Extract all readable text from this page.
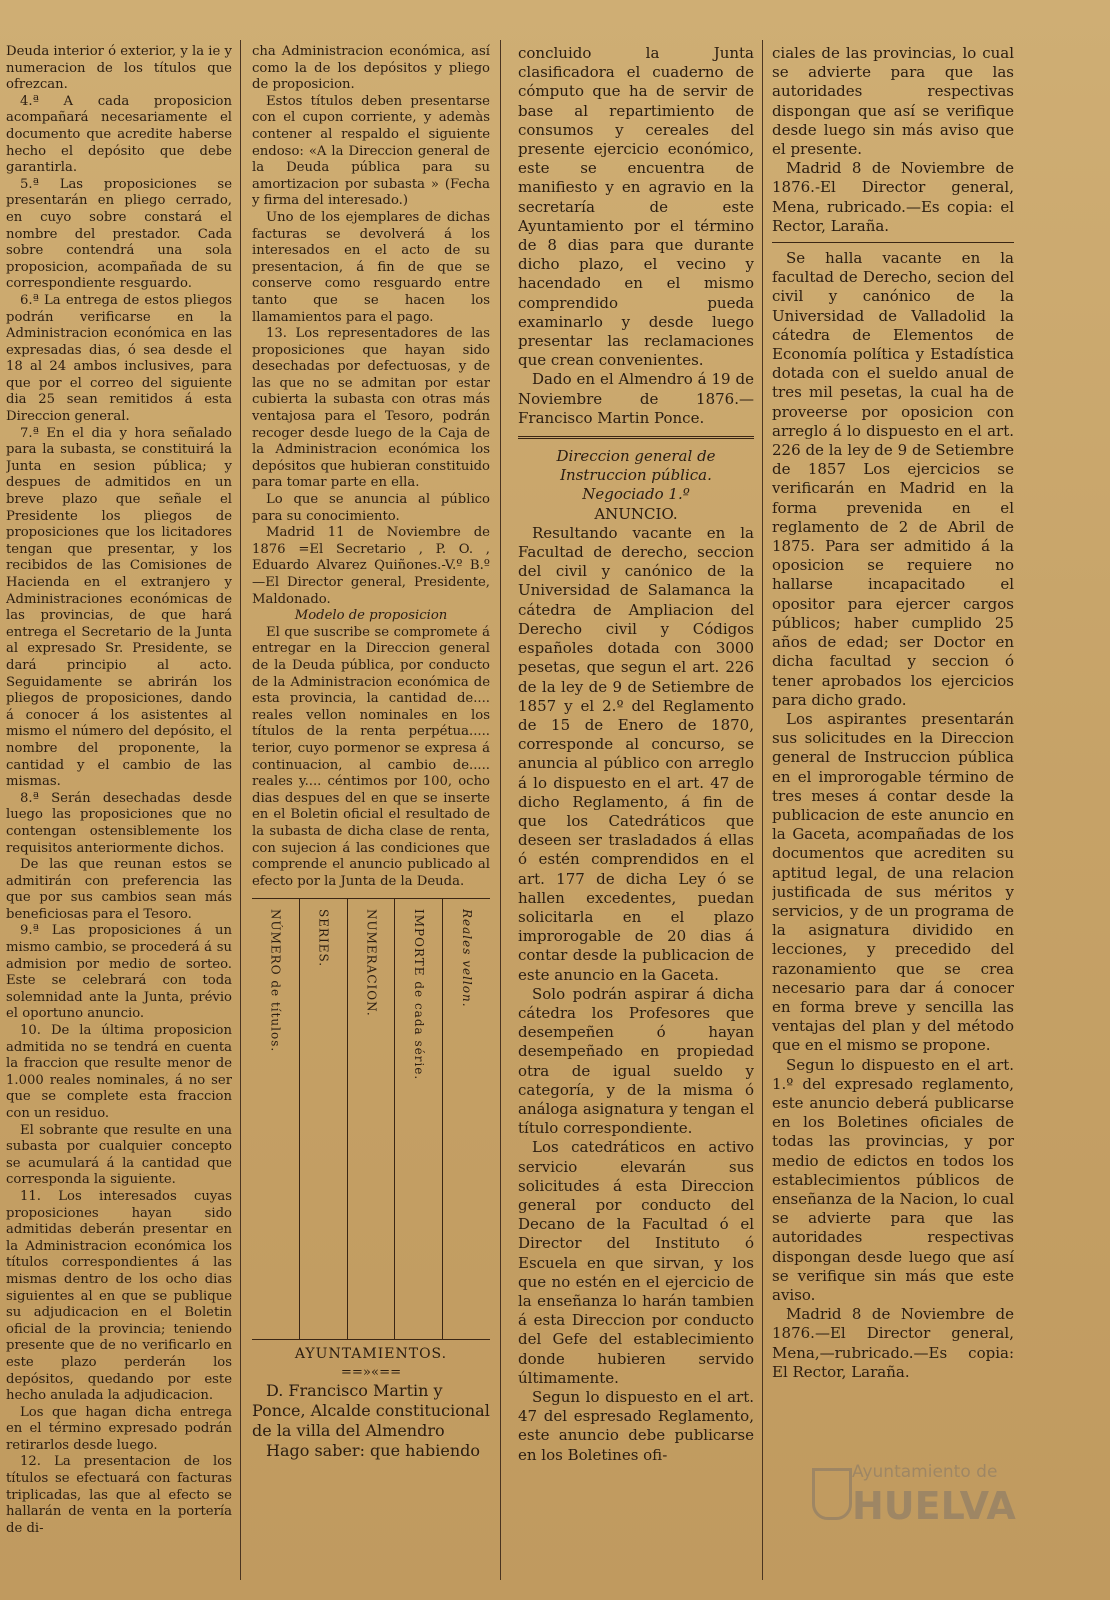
Deuda interior ó exterior, y la ie y numeracion de los títulos que ofrezcan.

4.ª A cada proposicion acompañará necesariamente el documento que acredite haberse hecho el depósito que debe garantirla.

5.ª Las proposiciones se presentarán en pliego cerrado, en cuyo sobre constará el nombre del prestador. Cada sobre contendrá una sola proposicion, acompañada de su correspondiente resguardo.

6.ª La entrega de estos pliegos podrán verificarse en la Administracion económica en las expresadas dias, ó sea desde el 18 al 24 ambos inclusives, para que por el correo del siguiente dia 25 sean remitidos á esta Direccion general.

7.ª En el dia y hora señalado para la subasta, se constituirá la Junta en sesion pública; y despues de admitidos en un breve plazo que señale el Presidente los pliegos de proposiciones que los licitadores tengan que presentar, y los recibidos de las Comisiones de Hacienda en el extranjero y Administraciones económicas de las provincias, de que hará entrega el Secretario de la Junta al expresado Sr. Presidente, se dará principio al acto. Seguidamente se abrirán los pliegos de proposiciones, dando á conocer á los asistentes al mismo el número del depósito, el nombre del proponente, la cantidad y el cambio de las mismas.

8.ª Serán desechadas desde luego las proposiciones que no contengan ostensiblemente los requisitos anteriormente dichos.

De las que reunan estos se admitirán con preferencia las que por sus cambios sean más beneficiosas para el Tesoro.

9.ª Las proposiciones á un mismo cambio, se procederá á su admision por medio de sorteo. Este se celebrará con toda solemnidad ante la Junta, prévio el oportuno anuncio.

10. De la última proposicion admitida no se tendrá en cuenta la fraccion que resulte menor de 1.000 reales nominales, á no ser que se complete esta fraccion con un residuo.

El sobrante que resulte en una subasta por cualquier concepto se acumulará á la cantidad que corresponda la siguiente.

11. Los interesados cuyas proposiciones hayan sido admitidas deberán presentar en la Administracion económica los títulos correspondientes á las mismas dentro de los ocho dias siguientes al en que se publique su adjudicacion en el Boletin oficial de la provincia; teniendo presente que de no verificarlo en este plazo perderán los depósitos, quedando por este hecho anulada la adjudicacion.

Los que hagan dicha entrega en el término expresado podrán retirarlos desde luego.

12. La presentacion de los títulos se efectuará con facturas triplicadas, las que al efecto se hallarán de venta en la portería de di-

cha Administracion económica, así como la de los depósitos y pliego de proposicion.

Estos títulos deben presentarse con el cupon corriente, y ademàs contener al respaldo el siguiente endoso: «A la Direccion general de la Deuda pública para su amortizacion por subasta » (Fecha y firma del interesado.)

Uno de los ejemplares de dichas facturas se devolverá á los interesados en el acto de su presentacion, á fin de que se conserve como resguardo entre tanto que se hacen los llamamientos para el pago.

13. Los representadores de las proposiciones que hayan sido desechadas por defectuosas, y de las que no se admitan por estar cubierta la subasta con otras más ventajosa para el Tesoro, podrán recoger desde luego de la Caja de la Administracion económica los depósitos que hubieran constituido para tomar parte en ella.

Lo que se anuncia al público para su conocimiento.

Madrid 11 de Noviembre de 1876 =El Secretario , P. O. , Eduardo Alvarez Quiñones.-V.º B.º —El Director general, Presidente, Maldonado.

Modelo de proposicion

El que suscribe se compromete á entregar en la Direccion general de la Deuda pública, por conducto de la Administracion económica de esta provincia, la cantidad de.... reales vellon nominales en los títulos de la renta perpétua..... terior, cuyo pormenor se expresa á continuacion, al cambio de..... reales y.... céntimos por 100, ocho dias despues del en que se inserte en el Boletin oficial el resultado de la subasta de dicha clase de renta, con sujecion á las condiciones que comprende el anuncio publicado al efecto por la Junta de la Deuda.

NÚMERO de títulos.	SERIES.	NUMERACION.	IMPORTE de cada série.	Reales vellon.
AYUNTAMIENTOS.
==»«==

D. Francisco Martin y Ponce, Alcalde constitucional de la villa del Almendro

Hago saber: que habiendo

concluido la Junta clasificadora el cuaderno de cómputo que ha de servir de base al repartimiento de consumos y cereales del presente ejercicio económico, este se encuentra de manifiesto y en agravio en la secretaría de este Ayuntamiento por el término de 8 dias para que durante dicho plazo, el vecino y hacendado en el mismo comprendido pueda examinarlo y desde luego presentar las reclamaciones que crean convenientes.

Dado en el Almendro á 19 de Noviembre de 1876.— Francisco Martin Ponce.

Direccion general de Instruccion pública.

Negociado 1.º

ANUNCIO.

Resultando vacante en la Facultad de derecho, seccion del civil y canónico de la Universidad de Salamanca la cátedra de Ampliacion del Derecho civil y Códigos españoles dotada con 3000 pesetas, que segun el art. 226 de la ley de 9 de Setiembre de 1857 y el 2.º del Reglamento de 15 de Enero de 1870, corresponde al concurso, se anuncia al público con arreglo á lo dispuesto en el art. 47 de dicho Reglamento, á fin de que los Catedráticos que deseen ser trasladados á ellas ó estén comprendidos en el art. 177 de dicha Ley ó se hallen excedentes, puedan solicitarla en el plazo improrogable de 20 dias á contar desde la publicacion de este anuncio en la Gaceta.

Solo podrán aspirar á dicha cátedra los Profesores que desempeñen ó hayan desempeñado en propiedad otra de igual sueldo y categoría, y de la misma ó análoga asignatura y tengan el título correspondiente.

Los catedráticos en activo servicio elevarán sus solicitudes á esta Direccion general por conducto del Decano de la Facultad ó el Director del Instituto ó Escuela en que sirvan, y los que no estén en el ejercicio de la enseñanza lo harán tambien á esta Direccion por conducto del Gefe del establecimiento donde hubieren servido últimamente.

Segun lo dispuesto en el art. 47 del espresado Reglamento, este anuncio debe publicarse en los Boletines ofi-

ciales de las provincias, lo cual se advierte para que las autoridades respectivas dispongan que así se verifique desde luego sin más aviso que el presente.

Madrid 8 de Noviembre de 1876.-El Director general, Mena, rubricado.—Es copia: el Rector, Laraña.

Se halla vacante en la facultad de Derecho, secion del civil y canónico de la Universidad de Valladolid la cátedra de Elementos de Economía política y Estadística dotada con el sueldo anual de tres mil pesetas, la cual ha de proveerse por oposicion con arreglo á lo dispuesto en el art. 226 de la ley de 9 de Setiembre de 1857 Los ejercicios se verificarán en Madrid en la forma prevenida en el reglamento de 2 de Abril de 1875. Para ser admitido á la oposicion se requiere no hallarse incapacitado el opositor para ejercer cargos públicos; haber cumplido 25 años de edad; ser Doctor en dicha facultad y seccion ó tener aprobados los ejercicios para dicho grado.

Los aspirantes presentarán sus solicitudes en la Direccion general de Instruccion pública en el improrogable término de tres meses á contar desde la publicacion de este anuncio en la Gaceta, acompañadas de los documentos que acrediten su aptitud legal, de una relacion justificada de sus méritos y servicios, y de un programa de la asignatura dividido en lecciones, y precedido del razonamiento que se crea necesario para dar á conocer en forma breve y sencilla las ventajas del plan y del método que en el mismo se propone.

Segun lo dispuesto en el art. 1.º del expresado reglamento, este anuncio deberá publicarse en los Boletines oficiales de todas las provincias, y por medio de edictos en todos los establecimientos públicos de enseñanza de la Nacion, lo cual se advierte para que las autoridades respectivas dispongan desde luego que así se verifique sin más que este aviso.

Madrid 8 de Noviembre de 1876.—El Director general, Mena,—rubricado.—Es copia: El Rector, Laraña.

Ayuntamiento de
HUELVA
